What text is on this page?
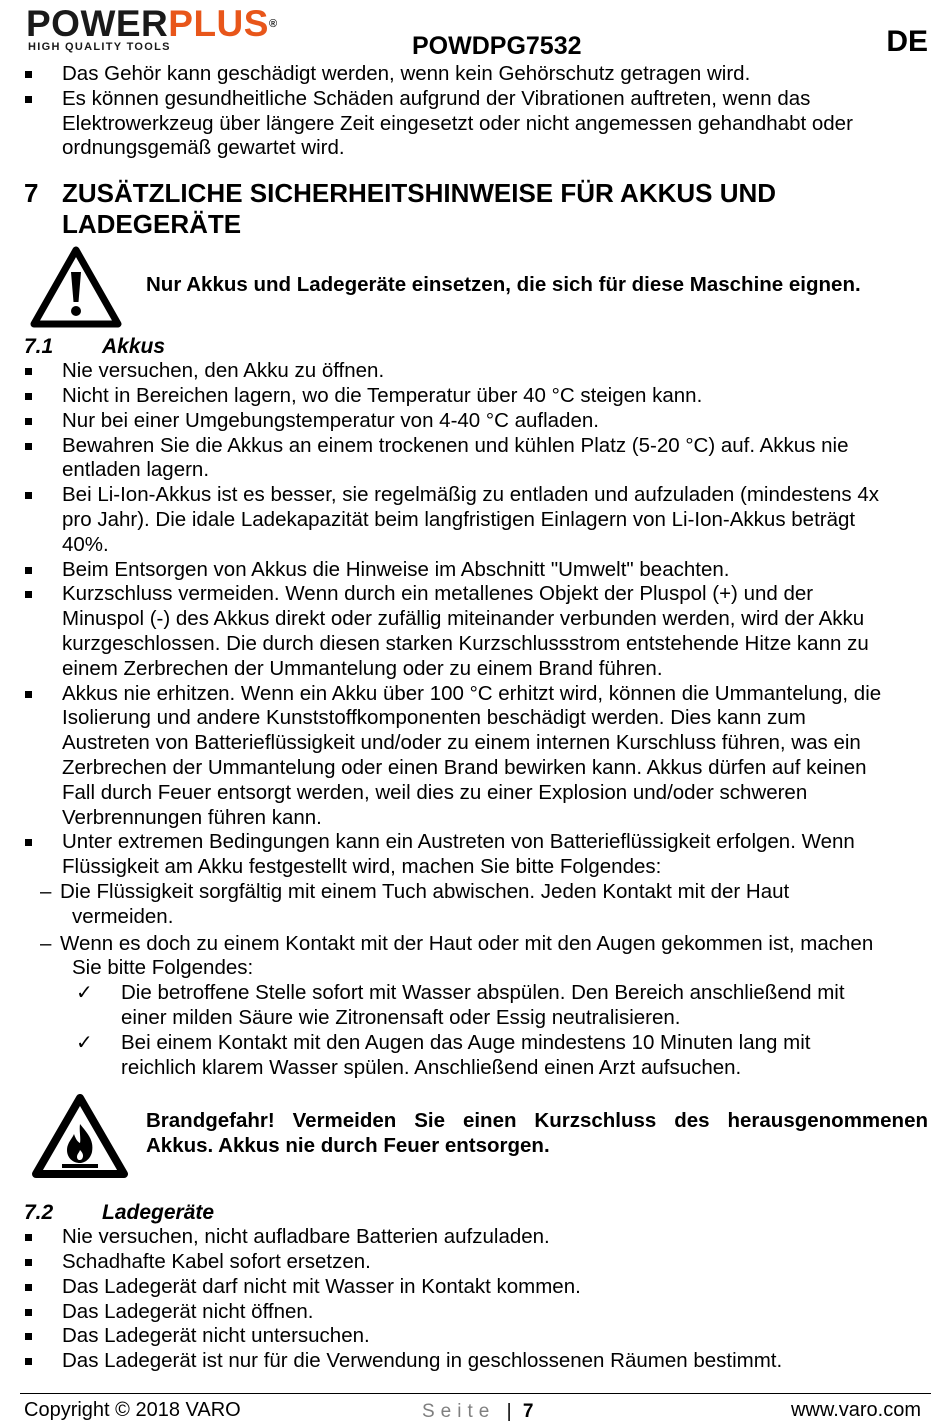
POWERPLUS®
HIGH QUALITY TOOLS	POWDPG7532	DE
Das Gehör kann geschädigt werden, wenn kein Gehörschutz getragen wird.
Es können gesundheitliche Schäden aufgrund der Vibrationen auftreten, wenn das
Elektrowerkzeug über längere Zeit eingesetzt oder nicht angemessen gehandhabt oder
ordnungsgemäß gewartet wird.
7 ZUSÄTZLICHE SICHERHEITSHINWEISE FÜR AKKUS UND
LADEGERÄTE
Nur Akkus und Ladegeräte einsetzen, die sich für diese Maschine eignen.
7.1 Akkus
Nie versuchen, den Akku zu öffnen.
Nicht in Bereichen lagern, wo die Temperatur über 40 °C steigen kann.
Nur bei einer Umgebungstemperatur von 4-40 °C aufladen.
Bewahren Sie die Akkus an einem trockenen und kühlen Platz (5-20 °C) auf. Akkus nie
entladen lagern.
Bei Li-Ion-Akkus ist es besser, sie regelmäßig zu entladen und aufzuladen (mindestens 4x
pro Jahr). Die idale Ladekapazität beim langfristigen Einlagern von Li-Ion-Akkus beträgt
40%.
Beim Entsorgen von Akkus die Hinweise im Abschnitt "Umwelt" beachten.
Kurzschluss vermeiden. Wenn durch ein metallenes Objekt der Pluspol (+) und der
Minuspol (-) des Akkus direkt oder zufällig miteinander verbunden werden, wird der Akku
kurzgeschlossen. Die durch diesen starken Kurzschlussstrom entstehende Hitze kann zu
einem Zerbrechen der Ummantelung oder zu einem Brand führen.
Akkus nie erhitzen. Wenn ein Akku über 100 °C erhitzt wird, können die Ummantelung, die
Isolierung und andere Kunststoffkomponenten beschädigt werden. Dies kann zum
Austreten von Batterieflüssigkeit und/oder zu einem internen Kurschluss führen, was ein
Zerbrechen der Ummantelung oder einen Brand bewirken kann. Akkus dürfen auf keinen
Fall durch Feuer entsorgt werden, weil dies zu einer Explosion und/oder schweren
Verbrennungen führen kann.
Unter extremen Bedingungen kann ein Austreten von Batterieflüssigkeit erfolgen. Wenn
Flüssigkeit am Akku festgestellt wird, machen Sie bitte Folgendes:
– Die Flüssigkeit sorgfältig mit einem Tuch abwischen. Jeden Kontakt mit der Haut
vermeiden.
– Wenn es doch zu einem Kontakt mit der Haut oder mit den Augen gekommen ist, machen
Sie bitte Folgendes:
✓ Die betroffene Stelle sofort mit Wasser abspülen. Den Bereich anschließend mit
einer milden Säure wie Zitronensaft oder Essig neutralisieren.
✓ Bei einem Kontakt mit den Augen das Auge mindestens 10 Minuten lang mit
reichlich klarem Wasser spülen. Anschließend einen Arzt aufsuchen.
Brandgefahr! Vermeiden Sie einen Kurzschluss des herausgenommenen
Akkus. Akkus nie durch Feuer entsorgen.
7.2 Ladegeräte
Nie versuchen, nicht aufladbare Batterien aufzuladen.
Schadhafte Kabel sofort ersetzen.
Das Ladegerät darf nicht mit Wasser in Kontakt kommen.
Das Ladegerät nicht öffnen.
Das Ladegerät nicht untersuchen.
Das Ladegerät ist nur für die Verwendung in geschlossenen Räumen bestimmt.
Copyright © 2018 VARO	Seite | 7	www.varo.com
